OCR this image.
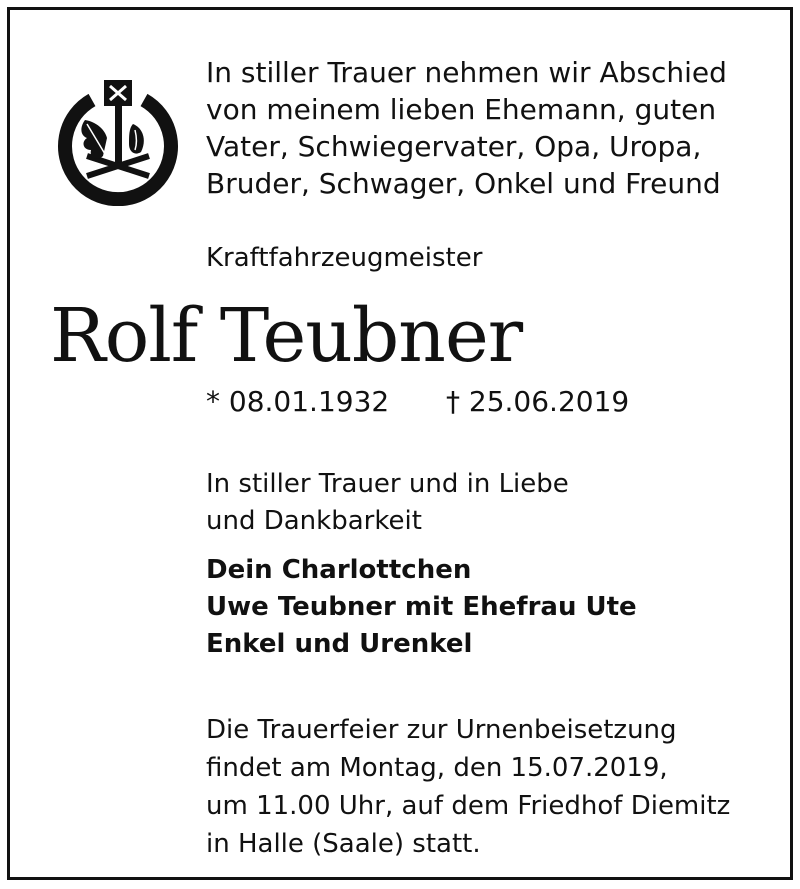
In stiller Trauer nehmen wir Abschied
von meinem lieben Ehemann, guten
Vater, Schwiegervater, Opa, Uropa,
Bruder, Schwager, Onkel und Freund
Kraftfahrzeugmeister
Rolf Teubner
* 08.01.1932 † 25.06.2019
In stiller Trauer und in Liebe
und Dankbarkeit
Dein Charlottchen
Uwe Teubner mit Ehefrau Ute
Enkel und Urenkel
Die Trauerfeier zur Urnenbeisetzung
findet am Montag, den 15.07.2019,
um 11.00 Uhr, auf dem Friedhof Diemitz
in Halle (Saale) statt.
